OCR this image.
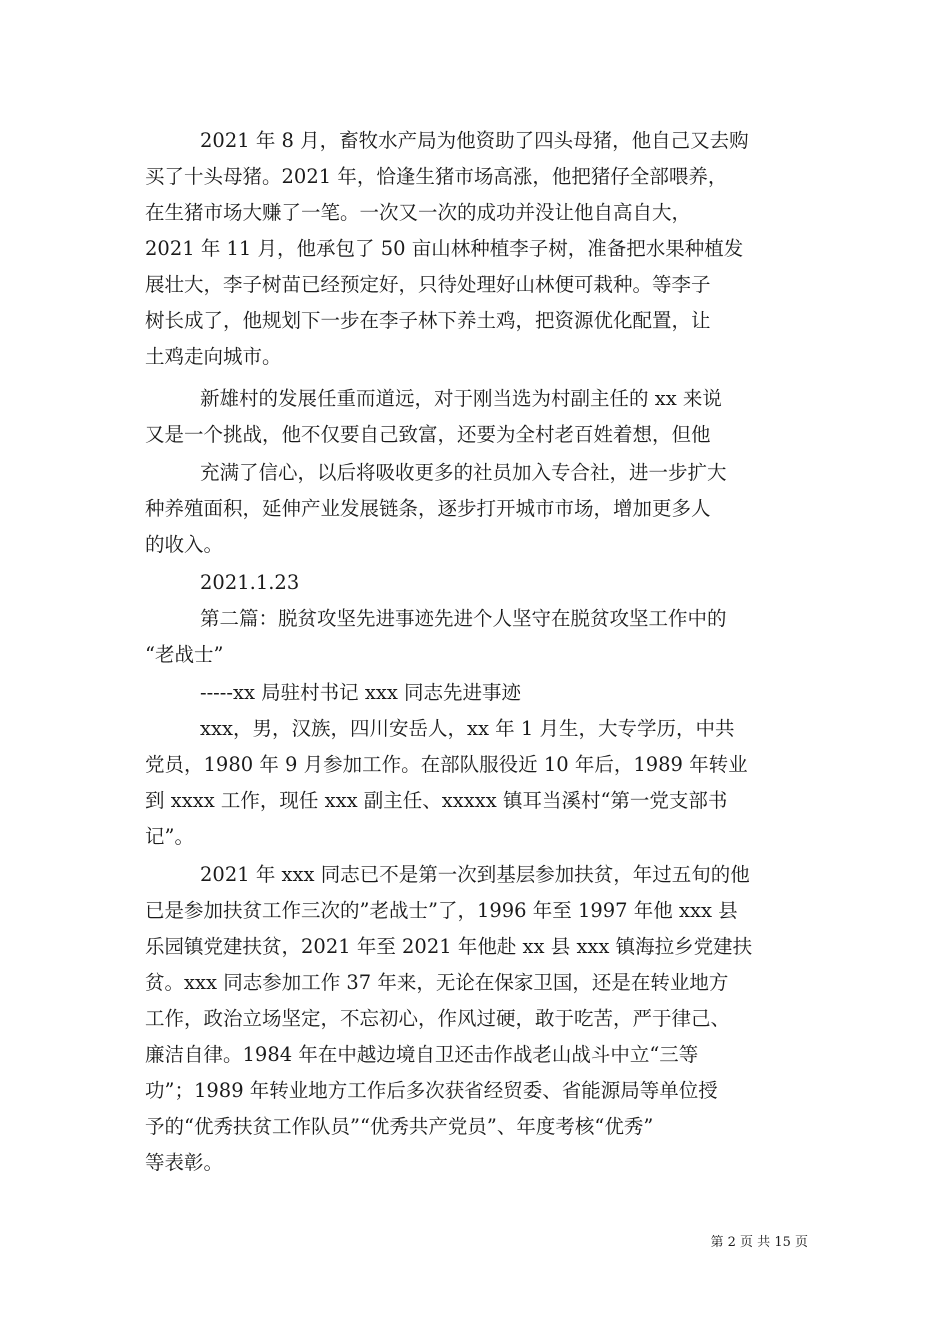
2021 年 8 月，畜牧水产局为他资助了四头母猪，他自己又去购
买了十头母猪。2021 年，恰逢生猪市场高涨，他把猪仔全部喂养，
在生猪市场大赚了一笔。一次又一次的成功并没让他自高自大，
2021 年 11 月，他承包了 50 亩山林种植李子树，准备把水果种植发
展壮大，李子树苗已经预定好，只待处理好山林便可栽种。等李子
树长成了，他规划下一步在李子林下养土鸡，把资源优化配置，让
土鸡走向城市。
新雄村的发展任重而道远，对于刚当选为村副主任的 xx 来说
又是一个挑战，他不仅要自己致富，还要为全村老百姓着想，但他
充满了信心，以后将吸收更多的社员加入专合社，进一步扩大
种养殖面积，延伸产业发展链条，逐步打开城市市场，增加更多人
的收入。
2021.1.23
第二篇：脱贫攻坚先进事迹先进个人坚守在脱贫攻坚工作中的
“老战士”
-----xx 局驻村书记 xxx 同志先进事迹
xxx，男，汉族，四川安岳人，xx 年 1 月生，大专学历，中共
党员，1980 年 9 月参加工作。在部队服役近 10 年后，1989 年转业
到 xxxx 工作，现任 xxx 副主任、xxxxx 镇耳当溪村“第一党支部书
记”。
2021 年 xxx 同志已不是第一次到基层参加扶贫，年过五旬的他
已是参加扶贫工作三次的”老战士”了，1996 年至 1997 年他 xxx 县
乐园镇党建扶贫，2021 年至 2021 年他赴 xx 县 xxx 镇海拉乡党建扶
贫。xxx 同志参加工作 37 年来，无论在保家卫国，还是在转业地方
工作，政治立场坚定，不忘初心，作风过硬，敢于吃苦，严于律己、
廉洁自律。1984 年在中越边境自卫还击作战老山战斗中立“三等
功”；1989 年转业地方工作后多次获省经贸委、省能源局等单位授
予的“优秀扶贫工作队员”“优秀共产党员”、年度考核“优秀”
等表彰。
第 2 页 共 15 页
